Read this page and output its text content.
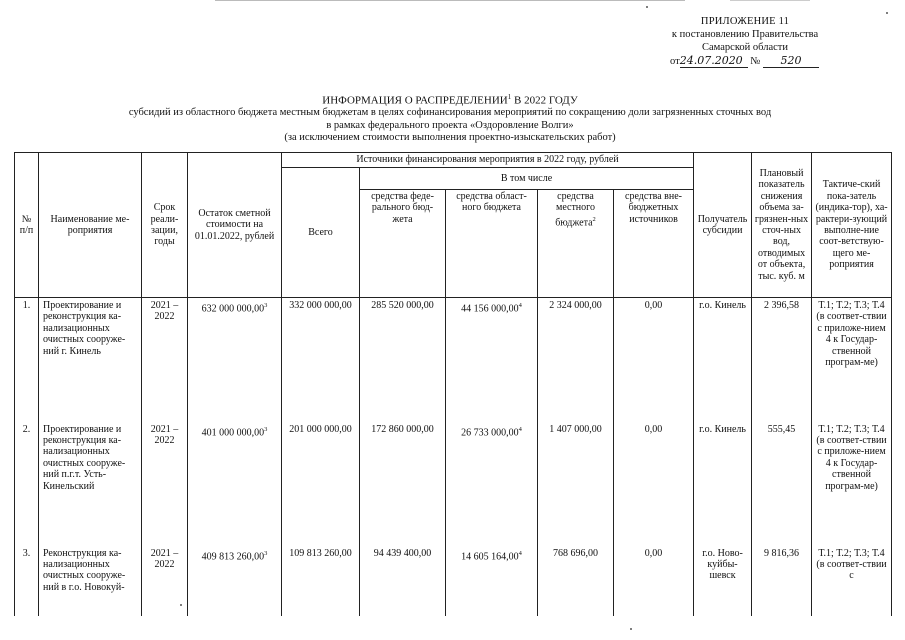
ПРИЛОЖЕНИЕ 11
к постановлению Правительства
Самарской области
от24.07.2020 № 520
ИНФОРМАЦИЯ О РАСПРЕДЕЛЕНИИ$^1$ В 2022 ГОДУ
субсидий из областного бюджета местным бюджетам в целях софинансирования мероприятий по сокращению доли загрязненных сточных вод
в рамках федерального проекта «Оздоровление Волги»
(за исключением стоимости выполнения проектно-изыскательских работ)
№ п/п	Наименование ме-роприятия	Срок реали-зации, годы	Остаток сметной стоимости на 01.01.2022, рублей	Источники финансирования мероприятия в 2022 году, рублей					Получатель субсидии	Плановый показатель снижения объема за-грязнен-ных сточ-ных вод, отводимых от объекта, тыс. куб. м	Тактиче-ский пока-затель (индика-тор), ха-рактери-зующий выполне-ние соот-ветствую-щего ме-роприятия
				Всего	В том числе						
					средства феде-рального бюд-жета	средства област-ного бюджета	средства местного бюджета$^2$	средства вне-бюджетных источников			
1.	Проектирование и реконструкция ка-нализационных очистных сооруже-ний г. Кинель	2021 – 2022	632 000 000,00$^3$	332 000 000,00	285 520 000,00	44 156 000,00$^4$	2 324 000,00	0,00	г.о. Кинель	2 396,58	Т.1; Т.2; Т.3; Т.4 (в соответ-ствии с приложе-нием 4 к Государ-ственной програм-ме)
2.	Проектирование и реконструкция ка-нализационных очистных сооруже-ний п.г.т. Усть-Кинельский	2021 – 2022	401 000 000,00$^3$	201 000 000,00	172 860 000,00	26 733 000,00$^4$	1 407 000,00	0,00	г.о. Кинель	555,45	Т.1; Т.2; Т.3; Т.4 (в соответ-ствии с приложе-нием 4 к Государ-ственной програм-ме)
3.	Реконструкция ка-нализационных очистных сооруже-ний в г.о. Новокуй-	2021 – 2022	409 813 260,00$^3$	109 813 260,00	94 439 400,00	14 605 164,00$^4$	768 696,00	0,00	г.о. Ново-куйбы-шевск	9 816,36	Т.1; Т.2; Т.3; Т.4 (в соответ-ствии с
